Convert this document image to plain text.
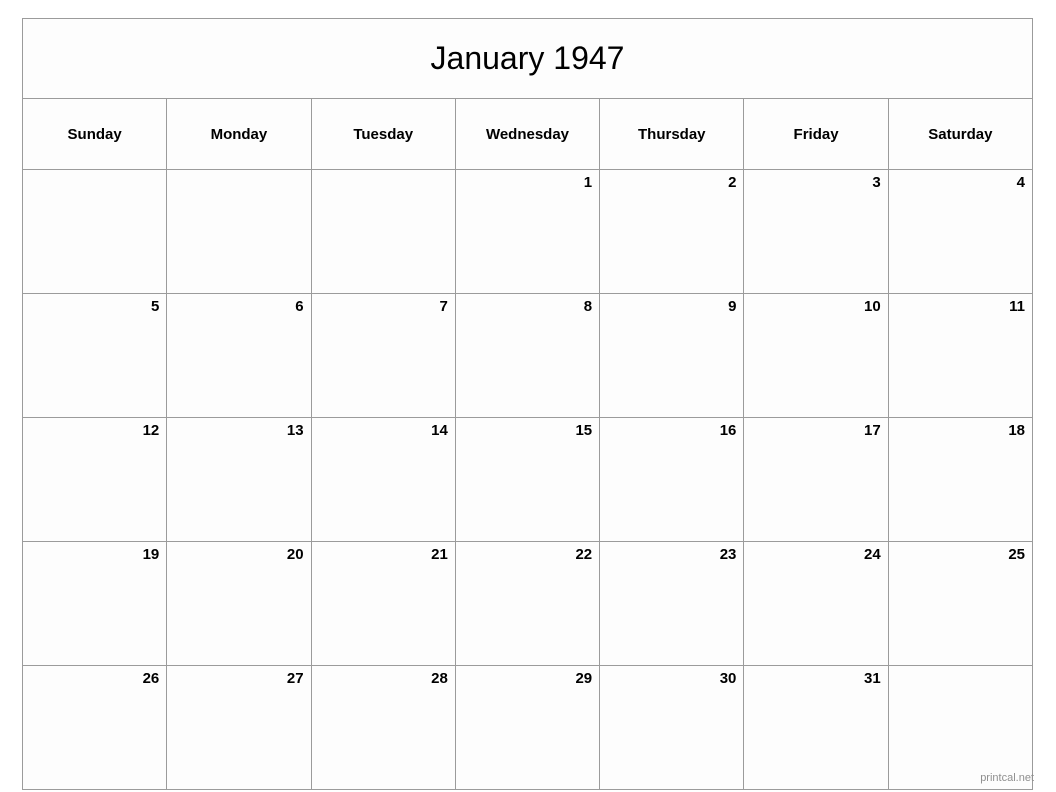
January 1947						
Sunday	Monday	Tuesday	Wednesday	Thursday	Friday	Saturday
			1	2	3	4
5	6	7	8	9	10	11
12	13	14	15	16	17	18
19	20	21	22	23	24	25
26	27	28	29	30	31	
printcal.net
